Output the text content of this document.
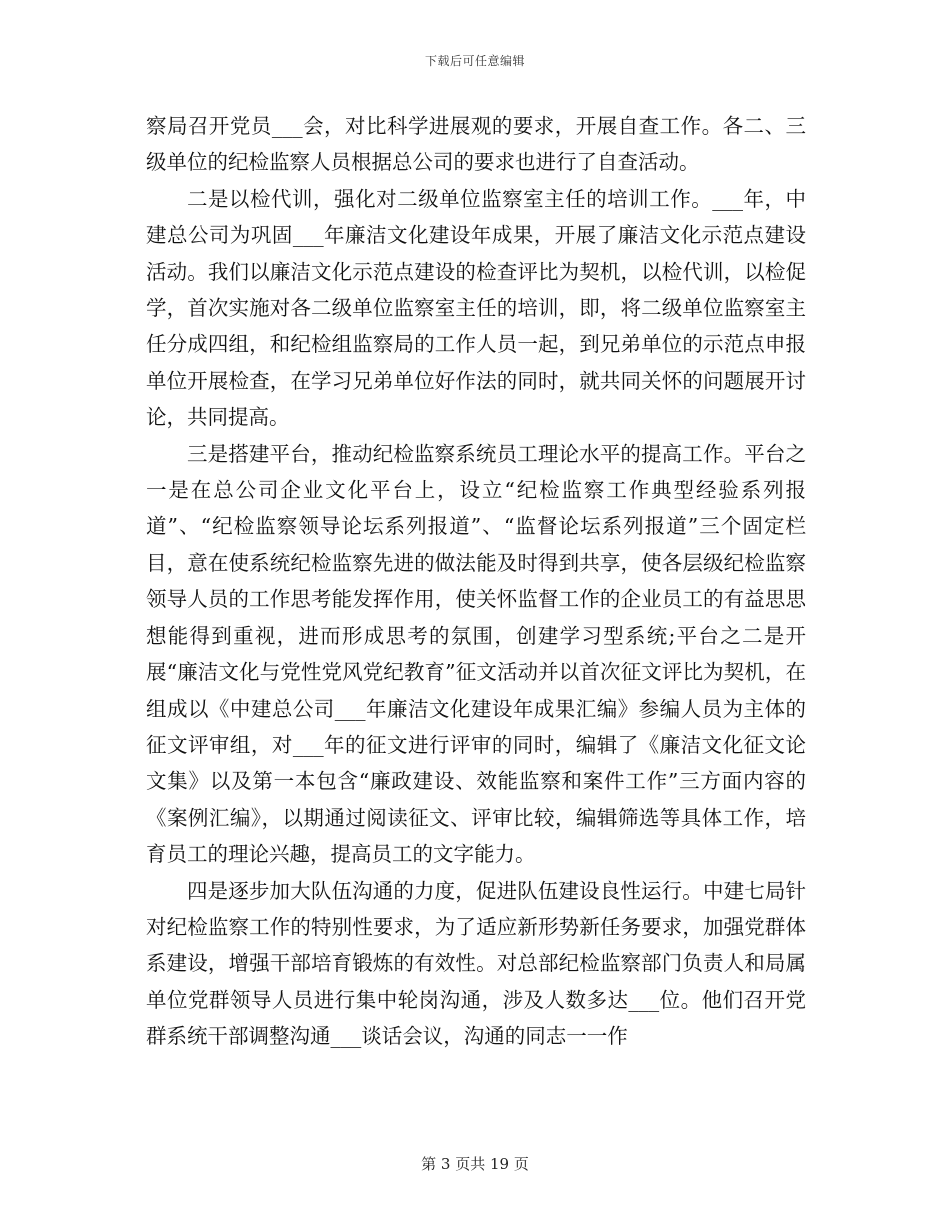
下载后可任意编辑

察局召开党员___会，对比科学进展观的要求，开展自查工作。各二、三级单位的纪检监察人员根据总公司的要求也进行了自查活动。

二是以检代训，强化对二级单位监察室主任的培训工作。___年，中建总公司为巩固___年廉洁文化建设年成果，开展了廉洁文化示范点建设活动。我们以廉洁文化示范点建设的检查评比为契机，以检代训，以检促学，首次实施对各二级单位监察室主任的培训，即，将二级单位监察室主任分成四组，和纪检组监察局的工作人员一起，到兄弟单位的示范点申报单位开展检查，在学习兄弟单位好作法的同时，就共同关怀的问题展开讨论，共同提高。

三是搭建平台，推动纪检监察系统员工理论水平的提高工作。平台之一是在总公司企业文化平台上，设立“纪检监察工作典型经验系列报道”、“纪检监察领导论坛系列报道”、“监督论坛系列报道”三个固定栏目，意在使系统纪检监察先进的做法能及时得到共享，使各层级纪检监察领导人员的工作思考能发挥作用，使关怀监督工作的企业员工的有益思思想能得到重视，进而形成思考的氛围，创建学习型系统;平台之二是开展“廉洁文化与党性党风党纪教育”征文活动并以首次征文评比为契机，在组成以《中建总公司___年廉洁文化建设年成果汇编》参编人员为主体的征文评审组，对___年的征文进行评审的同时，编辑了《廉洁文化征文论文集》以及第一本包含“廉政建设、效能监察和案件工作”三方面内容的《案例汇编》，以期通过阅读征文、评审比较，编辑筛选等具体工作，培育员工的理论兴趣，提高员工的文字能力。

四是逐步加大队伍沟通的力度，促进队伍建设良性运行。中建七局针对纪检监察工作的特别性要求，为了适应新形势新任务要求，加强党群体系建设，增强干部培育锻炼的有效性。对总部纪检监察部门负责人和局属单位党群领导人员进行集中轮岗沟通，涉及人数多达___位。他们召开党群系统干部调整沟通___谈话会议，沟通的同志一一作

第 3 页共 19 页
